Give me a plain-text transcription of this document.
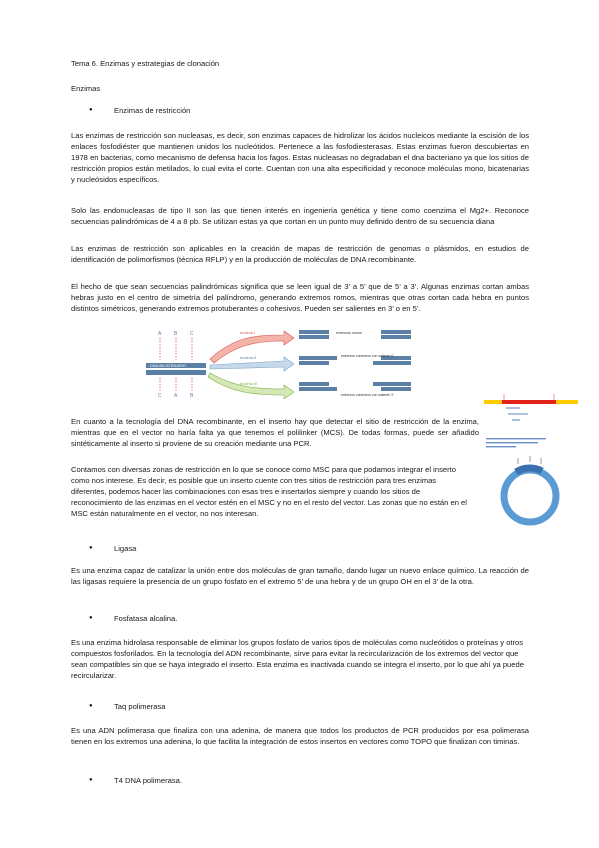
Tema 6. Enzimas y estrategias de clonación
Enzimas
●	Enzimas de restricción

Las enzimas de restricción son nucleasas, es decir, son enzimas capaces de hidrolizar los ácidos nucleicos mediante la escisión de los enlaces fosfodiéster que mantienen unidos los nucleótidos. Pertenece a las fosfodiesterasas. Estas enzimas fueron descubiertas en 1978 en bacterias, como mecanismo de defensa hacia los fagos. Estas nucleasas no degradaban el dna bacteriano ya que los sitios de restricción propios están metilados, lo cual evita el corte. Cuentan con una alta especificidad y reconoce moléculas mono, bicatenarias y nucleósidos específicos.

Solo las endonucleasas de tipo II son las que tienen interés en ingeniería genética y tiene como coenzima el Mg2+. Reconoce secuencias palindrómicas de 4 a 8 pb. Se utilizan estas ya que cortan en un punto muy definido dentro de su secuencia diana

Las enzimas de restricción son aplicables en la creación de mapas de restricción de genomas o plásmidos, en estudios de identificación de polimorfismos (técnica RFLP) y en la producción de moléculas de DNA recombinante.

El hecho de que sean secuencias palindrómicas significa que se leen igual de 3’ a 5’ que de 5’ a 3’. Algunas enzimas cortan ambas hebras justo en el centro de simetría del palíndromo, generando extremos romos, mientras que otras cortan cada hebra en puntos distintos simétricos, generando extremos protuberantes o cohesivos. Pueden ser salientes en 3’ o en 5’.

DNA BICATENARIO
A	B	C
C A	B
enzima I
enzima II
enzima III
extremos romos
extremos cohesivos con saliente 5'
extremos cohesivos con saliente 3'

En cuanto a la tecnología del DNA recombinante, en el inserto hay que detectar el sitio de restricción de la enzima, mientras que en el vector no haría falta ya que tenemos el polilinker (MCS). De todas formas, puede ser añadido sintéticamente al inserto si proviene de su creación mediante una PCR.

Contamos con diversas zonas de restricción en lo que se conoce como MSC para que podamos integrar el inserto como nos interese. Es decir, es posible que un inserto cuente con tres sitios de restricción para tres enzimas diferentes, podemos hacer las combinaciones con esas tres e insertarlos siempre y cuando los sitios de reconocimiento de las enzimas en el vector estén en el MSC y no en el resto del vector. Las zonas que no están en el MSC están naturalmente en el vector, no nos interesan.

●	Ligasa

Es una enzima capaz de catalizar la unión entre dos moléculas de gran tamaño, dando lugar un nuevo enlace químico. La reacción de las ligasas requiere la presencia de un grupo fosfato en el extremo 5’ de una hebra y de un grupo OH en el 3’ de la otra.

●	Fosfatasa alcalina.

Es una enzima hidrolasa responsable de eliminar los grupos fosfato de varios tipos de moléculas como nucleótidos o proteínas y otros compuestos fosforilados. En la tecnología del ADN recombinante, sirve para evitar la recircularización de los extremos del vector que sean compatibles sin que se haya integrado el inserto. Esta enzima es inactivada cuando se integra el inserto, por lo que ahí ya puede recircularizar.

●	Taq polimerasa

Es una ADN polimerasa que finaliza con una adenina, de manera que todos los productos de PCR producidos por esa polimerasa tienen en los extremos una adenina, lo que facilita la integración de estos insertos en vectores como TOPO que finalizan con timinas.

●	T4 DNA polimerasa.
